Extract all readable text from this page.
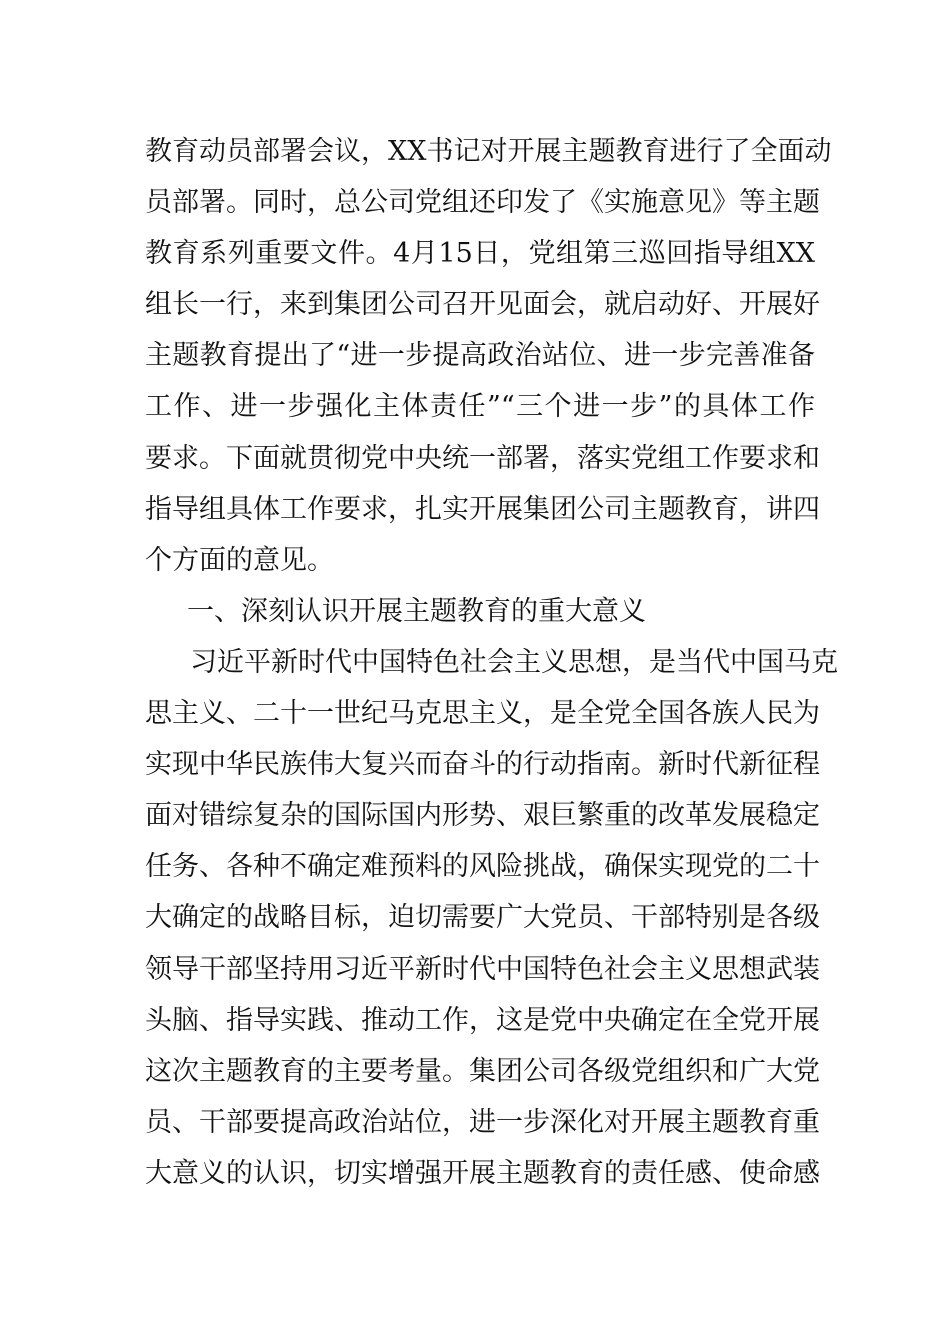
教育动员部署会议，XX书记对开展主题教育进行了全面动
员部署。同时，总公司党组还印发了《实施意见》等主题
教育系列重要文件。4月15日，党组第三巡回指导组XX
组长一行，来到集团公司召开见面会，就启动好、开展好
主题教育提出了“进一步提高政治站位、进一步完善准备
工作、进一步强化主体责任”“三个进一步”的具体工作
要求。下面就贯彻党中央统一部署，落实党组工作要求和
指导组具体工作要求，扎实开展集团公司主题教育，讲四
个方面的意见。
一、深刻认识开展主题教育的重大意义
习近平新时代中国特色社会主义思想，是当代中国马克
思主义、二十一世纪马克思主义，是全党全国各族人民为
实现中华民族伟大复兴而奋斗的行动指南。新时代新征程
面对错综复杂的国际国内形势、艰巨繁重的改革发展稳定
任务、各种不确定难预料的风险挑战，确保实现党的二十
大确定的战略目标，迫切需要广大党员、干部特别是各级
领导干部坚持用习近平新时代中国特色社会主义思想武装
头脑、指导实践、推动工作，这是党中央确定在全党开展
这次主题教育的主要考量。集团公司各级党组织和广大党
员、干部要提高政治站位，进一步深化对开展主题教育重
大意义的认识，切实增强开展主题教育的责任感、使命感
